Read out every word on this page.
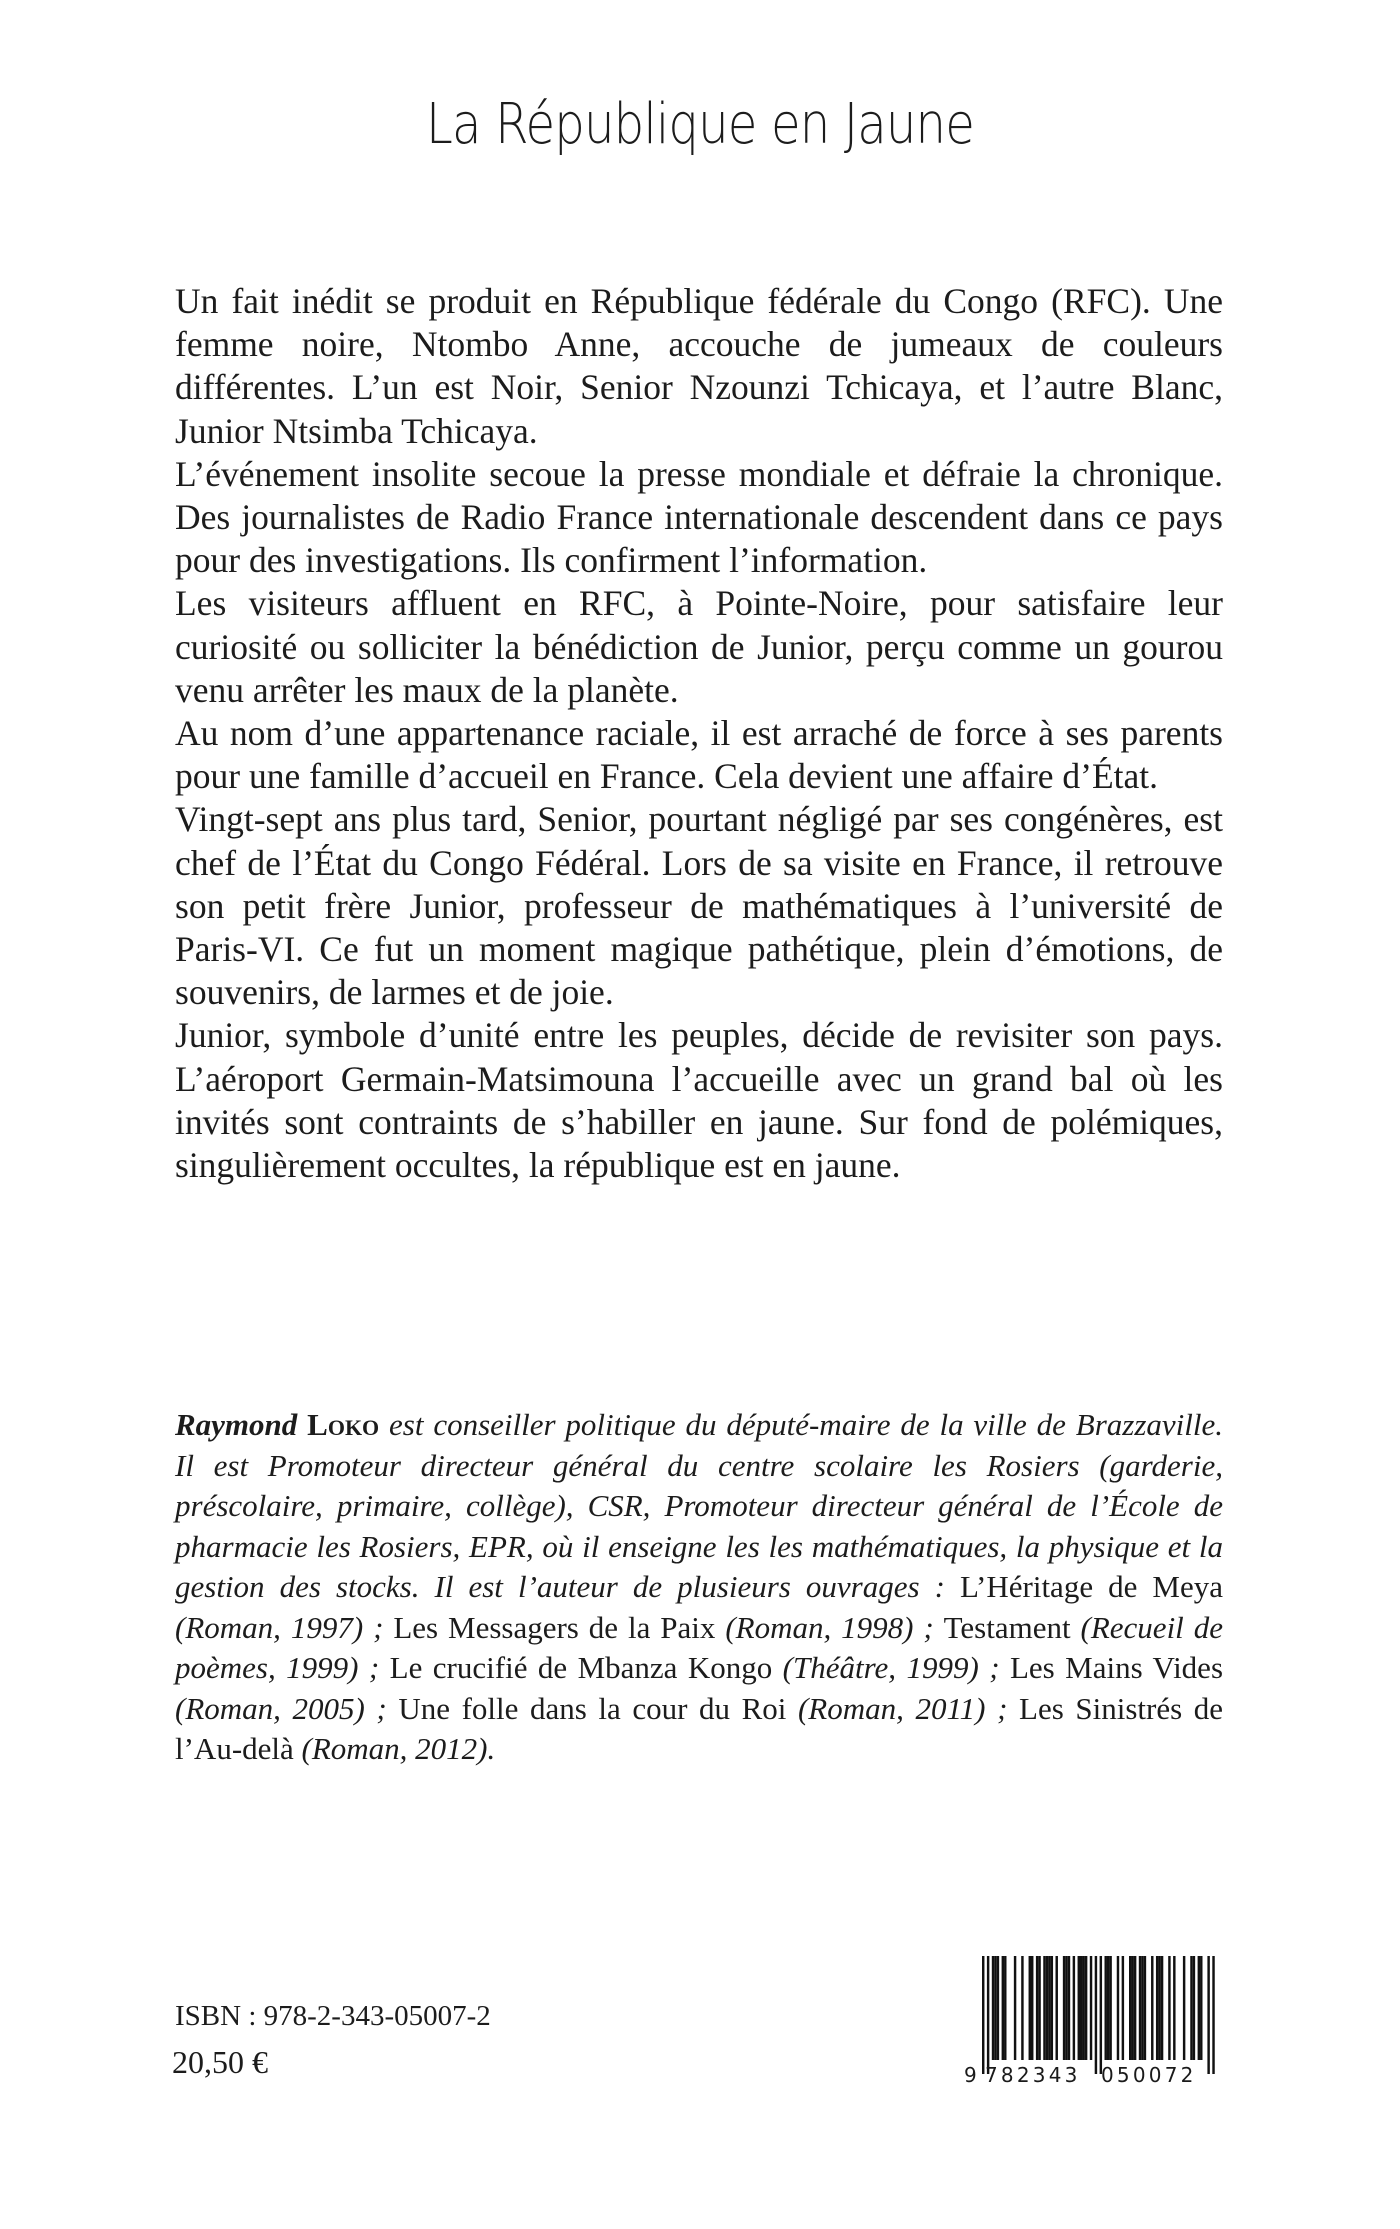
La République en Jaune

Un fait inédit se produit en République fédérale du Congo (RFC). Une femme noire, Ntombo Anne, accouche de jumeaux de couleurs différentes. L’un est Noir, Senior Nzounzi Tchicaya, et l’autre Blanc, Junior Ntsimba Tchicaya.

L’événement insolite secoue la presse mondiale et défraie la chronique. Des journalistes de Radio France internationale descendent dans ce pays pour des investigations. Ils confirment l’information.

Les visiteurs affluent en RFC, à Pointe-Noire, pour satisfaire leur curiosité ou solliciter la bénédiction de Junior, perçu comme un gourou venu arrêter les maux de la planète.

Au nom d’une appartenance raciale, il est arraché de force à ses parents pour une famille d’accueil en France. Cela devient une affaire d’État.

Vingt-sept ans plus tard, Senior, pourtant négligé par ses congénères, est chef de l’État du Congo Fédéral. Lors de sa visite en France, il retrouve son petit frère Junior, professeur de mathématiques à l’université de Paris-VI. Ce fut un moment magique pathétique, plein d’émotions, de souvenirs, de larmes et de joie.

Junior, symbole d’unité entre les peuples, décide de revisiter son pays. L’aéroport Germain-Matsimouna l’accueille avec un grand bal où les invités sont contraints de s’habiller en jaune. Sur fond de polémiques, singulièrement occultes, la république est en jaune.

Raymond Loko est conseiller politique du député-maire de la ville de Brazzaville. Il est Promoteur directeur général du centre scolaire les Rosiers (garderie, préscolaire, primaire, collège), CSR, Promoteur directeur général de l’École de pharmacie les Rosiers, EPR, où il enseigne les les mathématiques, la physique et la gestion des stocks. Il est l’auteur de plusieurs ouvrages : L’Héritage de Meya (Roman, 1997) ; Les Messagers de la Paix (Roman, 1998) ; Testament (Recueil de poèmes, 1999) ; Le crucifié de Mbanza Kongo (Théâtre, 1999) ; Les Mains Vides (Roman, 2005) ; Une folle dans la cour du Roi (Roman, 2011) ; Les Sinistrés de l’Au-delà (Roman, 2012).

ISBN : 978-2-343-05007-2
20,50 €	9 782343 050072
